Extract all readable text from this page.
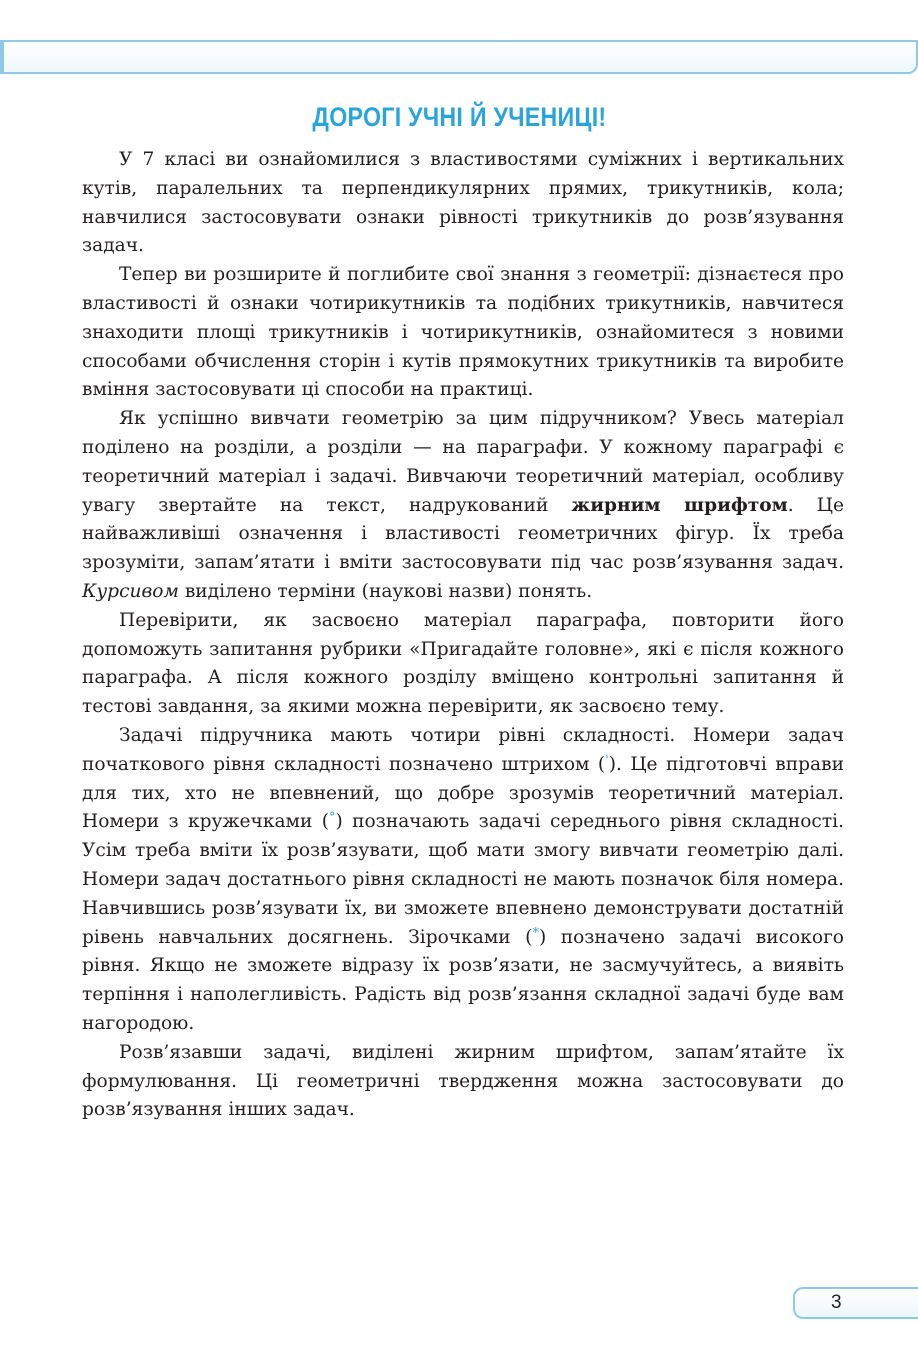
ДОРОГІ УЧНІ Й УЧЕНИЦІ!

У 7 класі ви ознайомилися з властивостями суміжних і вертикальних кутів, паралельних та перпендикулярних прямих, трикутників, кола; навчилися застосовувати ознаки рівності трикутників до розв’язування задач.

Тепер ви розширите й поглибите свої знання з геометрії: дізнаєтеся про властивості й ознаки чотирикутників та подібних трикутників, навчитеся знаходити площі трикутників і чотирикутників, ознайомитеся з новими способами обчислення сторін і кутів прямокутних трикутників та виробите вміння застосовувати ці способи на практиці.

Як успішно вивчати геометрію за цим підручником? Увесь матеріал поділено на розділи, а розділи — на параграфи. У кожному параграфі є теоретичний матеріал і задачі. Вивчаючи теоретичний матеріал, особливу увагу звертайте на текст, надрукований жирним шрифтом. Це найважливіші означення і властивості геометричних фігур. Їх треба зрозуміти, запам’ятати і вміти застосовувати під час розв’язування задач. Курсивом виділено терміни (наукові назви) понять.

Перевірити, як засвоєно матеріал параграфа, повторити його допоможуть запитання рубрики «Пригадайте головне», які є після кожного параграфа. А після кожного розділу вміщено контрольні запитання й тестові завдання, за якими можна перевірити, як засвоєно тему.

Задачі підручника мають чотири рівні складності. Номери задач початкового рівня складності позначено штрихом ('). Це підготовчі вправи для тих, хто не впевнений, що добре зрозумів теоретичний матеріал. Номери з кружечками (°) позначають задачі середнього рівня складності. Усім треба вміти їх розв’язувати, щоб мати змогу вивчати геометрію далі. Номери задач достатнього рівня складності не мають позначок біля номера. Навчившись розв’язувати їх, ви зможете впевнено демонструвати достатній рівень навчальних досягнень. Зірочками (*) позначено задачі високого рівня. Якщо не зможете відразу їх розв’язати, не засмучуйтесь, а виявіть терпіння і наполегливість. Радість від розв’язання складної задачі буде вам нагородою.

Розв’язавши задачі, виділені жирним шрифтом, запам’ятайте їх формулювання. Ці геометричні твердження можна застосовувати до розв’язування інших задач.

3
